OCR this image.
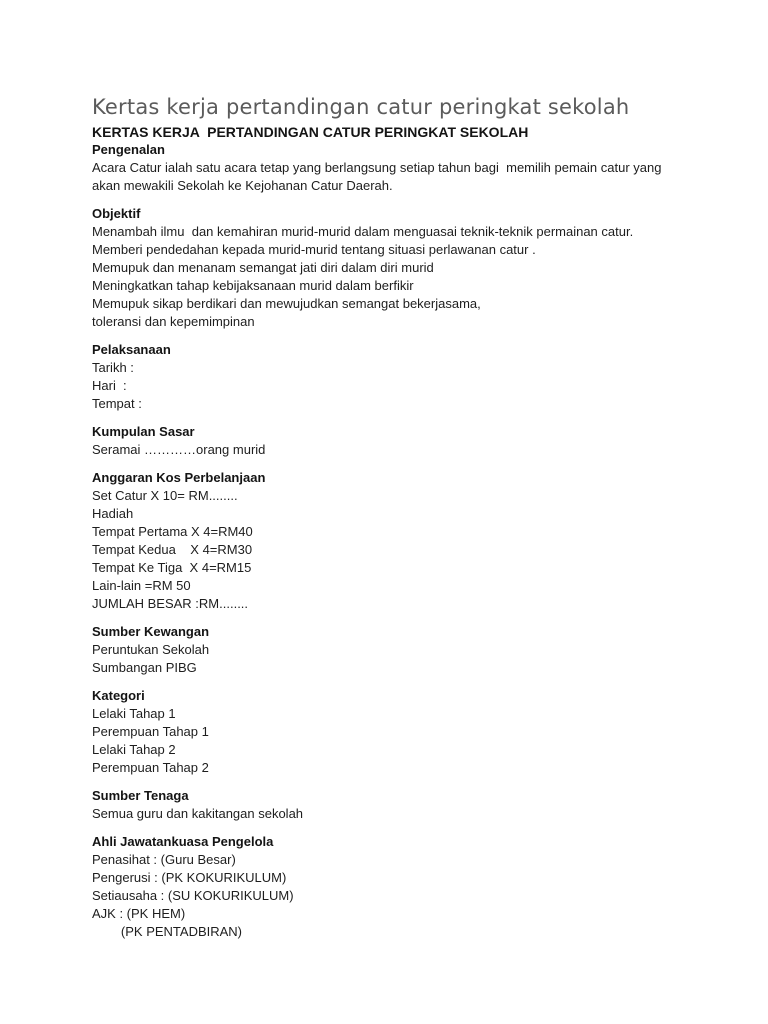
Kertas kerja pertandingan catur peringkat sekolah
KERTAS KERJA  PERTANDINGAN CATUR PERINGKAT SEKOLAH
Pengenalan

Acara Catur ialah satu acara tetap yang berlangsung setiap tahun bagi  memilih pemain catur yang

akan mewakili Sekolah ke Kejohanan Catur Daerah.

Objektif

Menambah ilmu  dan kemahiran murid-murid dalam menguasai teknik-teknik permainan catur.

Memberi pendedahan kepada murid-murid tentang situasi perlawanan catur .

Memupuk dan menanam semangat jati diri dalam diri murid

Meningkatkan tahap kebijaksanaan murid dalam berfikir

Memupuk sikap berdikari dan mewujudkan semangat bekerjasama,

toleransi dan kepemimpinan

Pelaksanaan

Tarikh :

Hari  :

Tempat :

Kumpulan Sasar

Seramai …………orang murid

Anggaran Kos Perbelanjaan

Set Catur X 10= RM........

Hadiah

Tempat Pertama X 4=RM40

Tempat Kedua    X 4=RM30

Tempat Ke Tiga  X 4=RM15

Lain-lain =RM 50

JUMLAH BESAR :RM........

Sumber Kewangan

Peruntukan Sekolah

Sumbangan PIBG

Kategori

Lelaki Tahap 1

Perempuan Tahap 1

Lelaki Tahap 2

Perempuan Tahap 2

Sumber Tenaga

Semua guru dan kakitangan sekolah

Ahli Jawatankuasa Pengelola

Penasihat : (Guru Besar)

Pengerusi : (PK KOKURIKULUM)

Setiausaha : (SU KOKURIKULUM)

AJK : (PK HEM)

(PK PENTADBIRAN)
